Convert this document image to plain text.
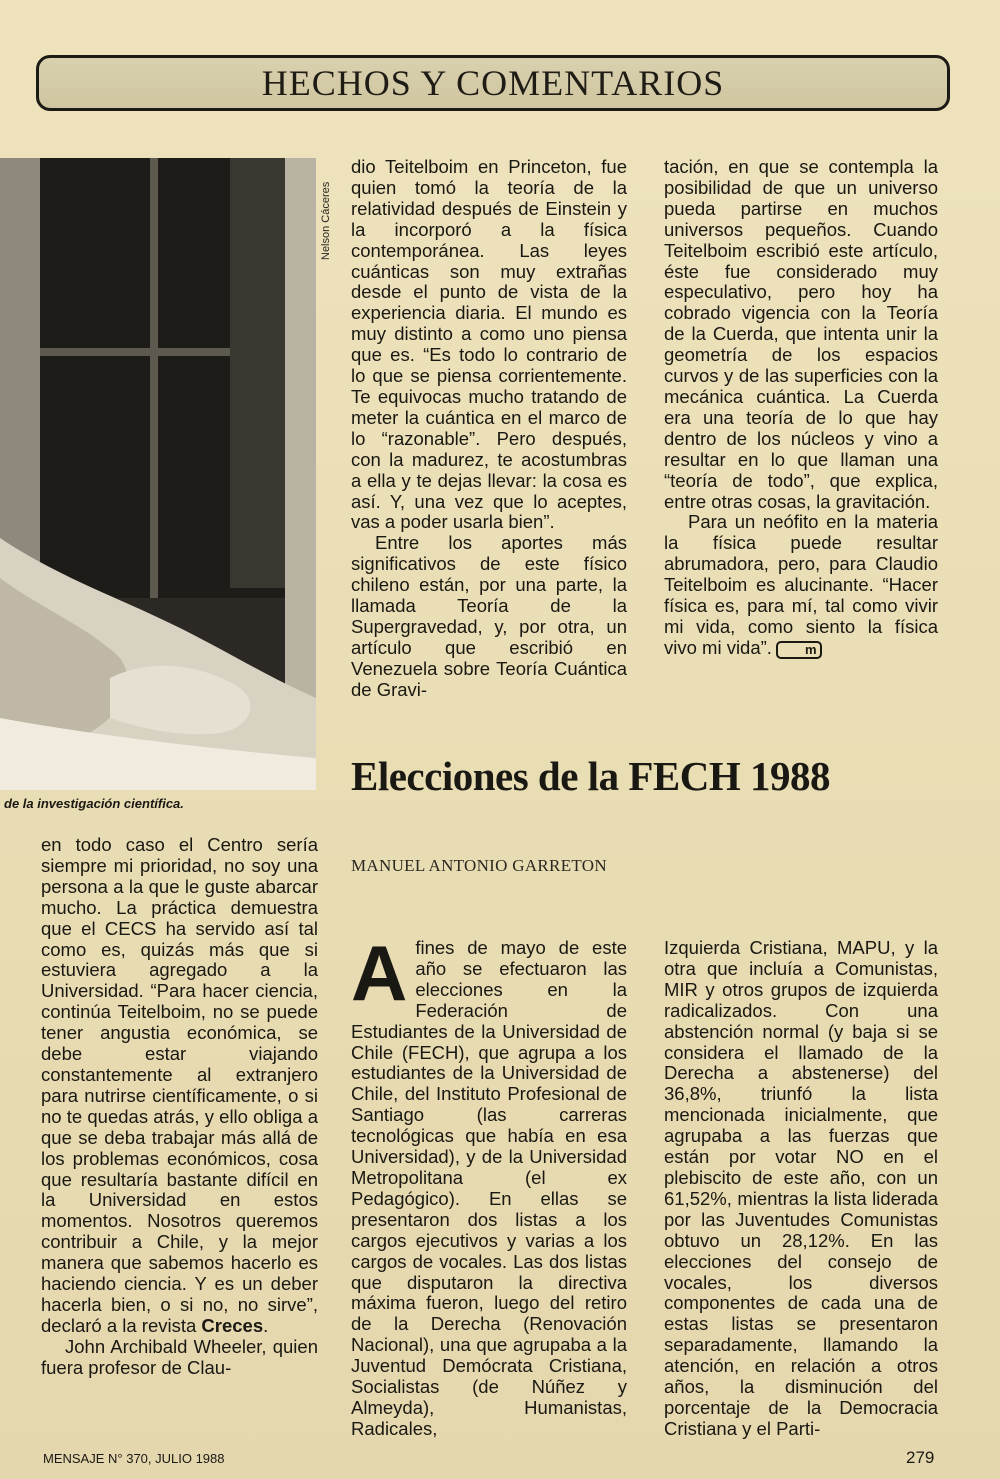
HECHOS Y COMENTARIOS
Nelson Cáceres
de la investigación científica.

dio Teitelboim en Princeton, fue quien tomó la teoría de la relatividad después de Einstein y la incorporó a la física contemporánea. Las leyes cuánticas son muy extrañas desde el punto de vista de la experiencia diaria. El mundo es muy distinto a como uno piensa que es. “Es todo lo contrario de lo que se piensa corrientemente. Te equivocas mucho tratando de meter la cuántica en el marco de lo “razonable”. Pero después, con la madurez, te acostumbras a ella y te dejas llevar: la cosa es así. Y, una vez que lo aceptes, vas a poder usarla bien”.

Entre los aportes más significativos de este físico chileno están, por una parte, la llamada Teoría de la Supergravedad, y, por otra, un artículo que escribió en Venezuela sobre Teoría Cuántica de Gravi-

tación, en que se contempla la posibilidad de que un universo pueda partirse en muchos universos pequeños. Cuando Teitelboim escribió este artículo, éste fue considerado muy especulativo, pero hoy ha cobrado vigencia con la Teoría de la Cuerda, que intenta unir la geometría de los espacios curvos y de las superficies con la mecánica cuántica. La Cuerda era una teoría de lo que hay dentro de los núcleos y vino a resultar en lo que llaman una “teoría de todo”, que explica, entre otras cosas, la gravitación.

Para un neófito en la materia la física puede resultar abrumadora, pero, para Claudio Teitelboim es alucinante. “Hacer física es, para mí, tal como vivir mi vida, como siento la física vivo mi vida”.	m

Elecciones de la FECH 1988
MANUEL ANTONIO GARRETON

en todo caso el Centro sería siempre mi prioridad, no soy una persona a la que le guste abarcar mucho. La práctica demuestra que el CECS ha servido así tal como es, quizás más que si estuviera agregado a la Universidad. “Para hacer ciencia, continúa Teitelboim, no se puede tener angustia económica, se debe estar viajando constantemente al extranjero para nutrirse científicamente, o si no te quedas atrás, y ello obliga a que se deba trabajar más allá de los problemas económicos, cosa que resultaría bastante difícil en la Universidad en estos momentos. Nosotros queremos contribuir a Chile, y la mejor manera que sabemos hacerlo es haciendo ciencia. Y es un deber hacerla bien, o si no, no sirve”, declaró a la revista Creces.

John Archibald Wheeler, quien fuera profesor de Clau-

Afines de mayo de este año se efectuaron las elecciones en la Federación de Estudiantes de la Universidad de Chile (FECH), que agrupa a los estudiantes de la Universidad de Chile, del Instituto Profesional de Santiago (las carreras tecnológicas que había en esa Universidad), y de la Universidad Metropolitana (el ex Pedagógico). En ellas se presentaron dos listas a los cargos ejecutivos y varias a los cargos de vocales. Las dos listas que disputaron la directiva máxima fueron, luego del retiro de la Derecha (Renovación Nacional), una que agrupaba a la Juventud Demócrata Cristiana, Socialistas (de Núñez y Almeyda), Humanistas, Radicales,

Izquierda Cristiana, MAPU, y la otra que incluía a Comunistas, MIR y otros grupos de izquierda radicalizados. Con una abstención normal (y baja si se considera el llamado de la Derecha a abstenerse) del 36,8%, triunfó la lista mencionada inicialmente, que agrupaba a las fuerzas que están por votar NO en el plebiscito de este año, con un 61,52%, mientras la lista liderada por las Juventudes Comunistas obtuvo un 28,12%. En las elecciones del consejo de vocales, los diversos componentes de cada una de estas listas se presentaron separadamente, llamando la atención, en relación a otros años, la disminución del porcentaje de la Democracia Cristiana y el Parti-

MENSAJE N° 370, JULIO 1988	279
